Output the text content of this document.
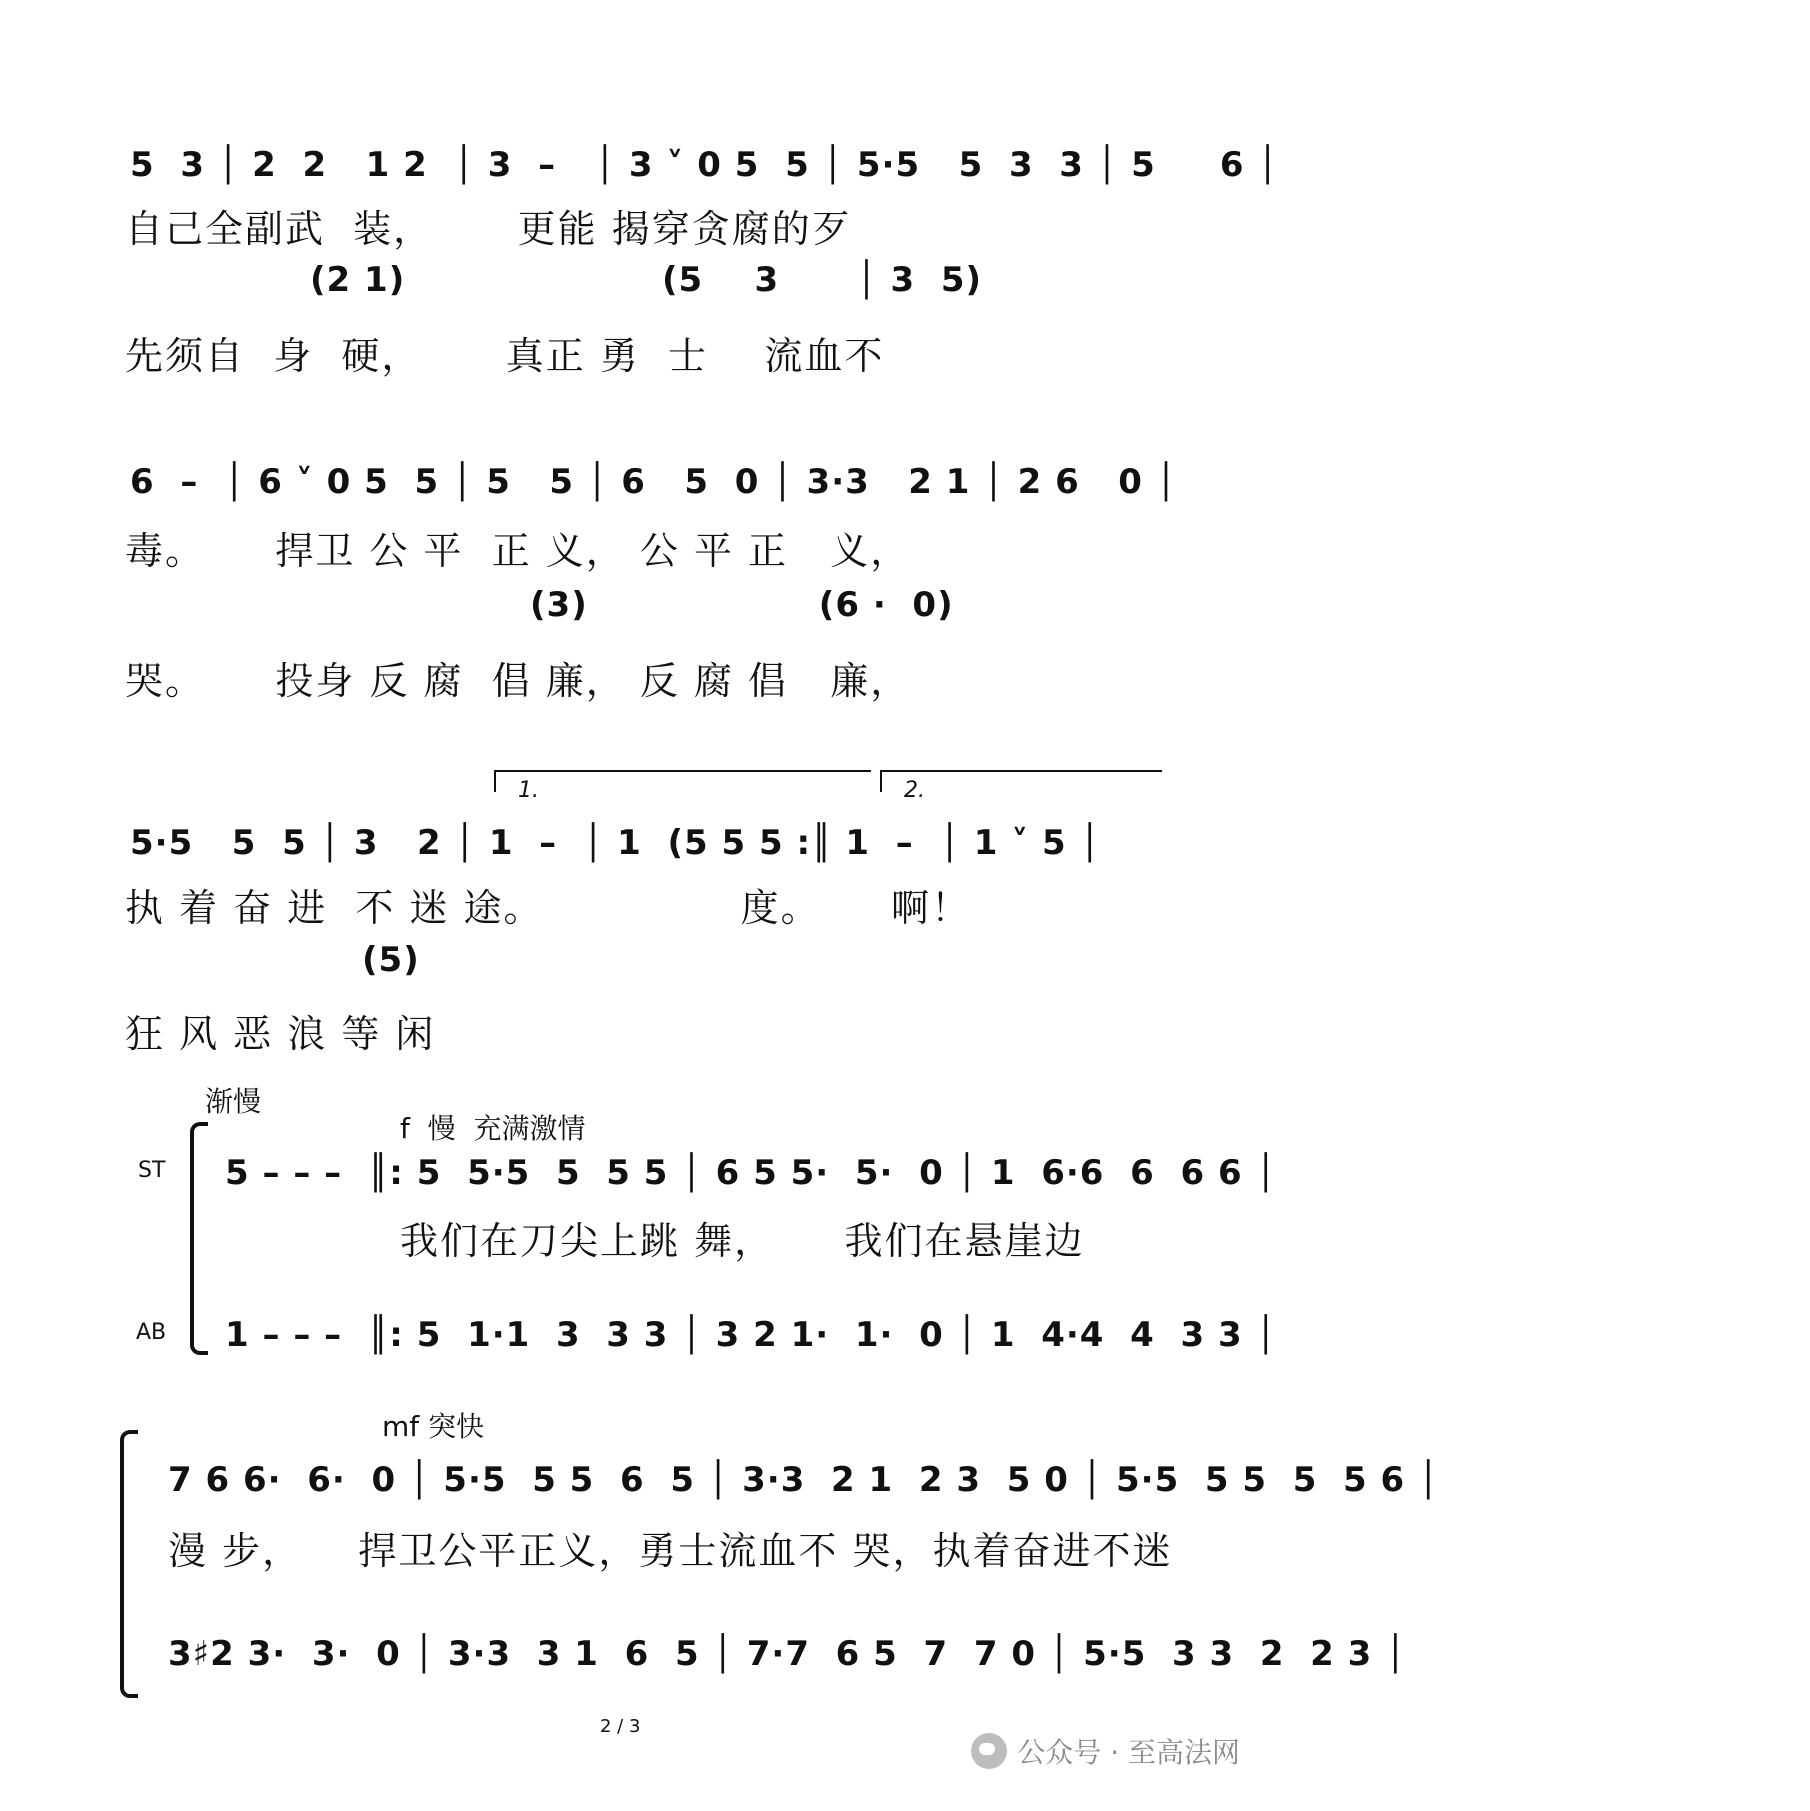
5  3 │ 2  2   1 2  │ 3  –   │ 3 ˅ 0 5  5 │ 5·5   5  3  3 │ 5     6 │
自己全副武  装，      更能 揭穿贪腐的歹
(2 1)                    (5    3      │ 3  5)
先须自  身  硬，      真正 勇  士    流血不
6  –  │ 6 ˅ 0 5  5 │ 5   5 │ 6   5  0 │ 3·3   2 1 │ 2 6   0 │
毒。     捍卫 公 平  正 义， 公 平 正   义，
(3)                  (6 ·  0)
哭。     投身 反 腐  倡 廉， 反 腐 倡   廉，
5·5   5  5 │ 3   2 │ 1  –  │ 1  (5 5 5 :║ 1  –  │ 1 ˅ 5 │
执 着 奋 进  不 迷 途。              度。     啊！
(5)
狂 风 恶 浪 等 闲
渐慢
f  慢  充满激情
ST	5 – – –  ║: 5  5·5  5  5 5 │ 6 5 5·  5·  0 │ 1  6·6  6  6 6 │
我们在刀尖上跳 舞，     我们在悬崖边
AB	1 – – –  ║: 5  1·1  3  3 3 │ 3 2 1·  1·  0 │ 1  4·4  4  3 3 │
mf 突快
7 6 6·  6·  0 │ 5·5  5 5  6  5 │ 3·3  2 1  2 3  5 0 │ 5·5  5 5  5  5 6 │
漫 步，    捍卫公平正义，勇士流血不 哭，执着奋进不迷
3♯2 3·  3·  0 │ 3·3  3 1  6  5 │ 7·7  6 5  7  7 0 │ 5·5  3 3  2  2 3 │
1.	2.
2 / 3
公众号 · 至高法网
